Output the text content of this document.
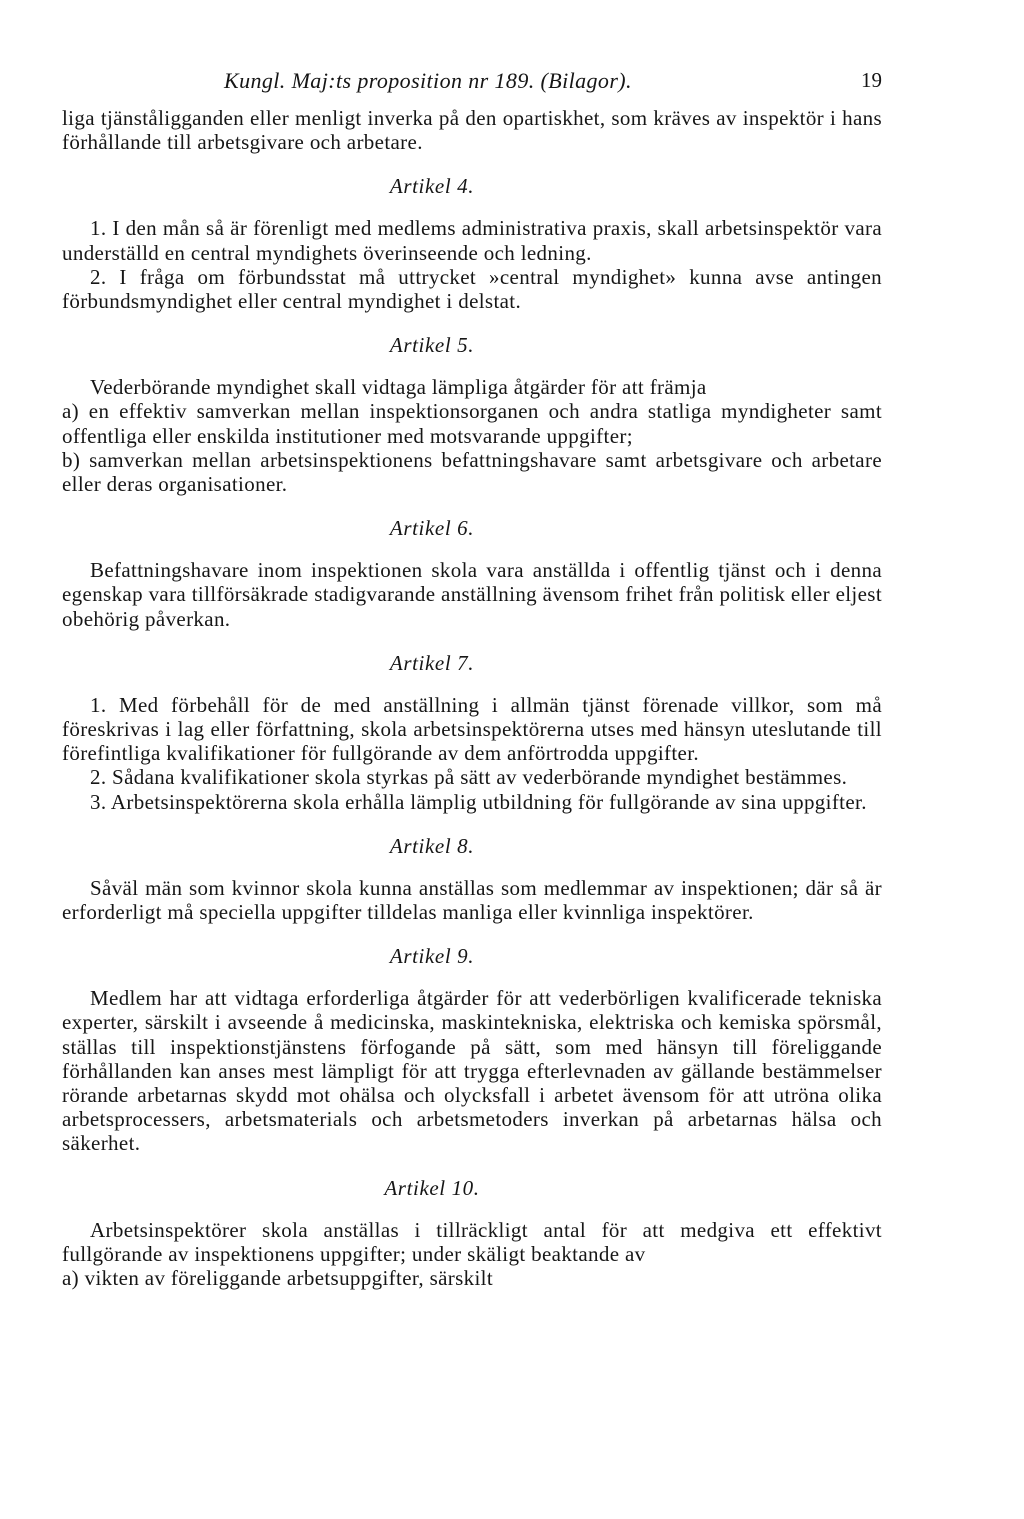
Kungl. Maj:ts proposition nr 189. (Bilagor).	19

liga tjänståligganden eller menligt inverka på den opartiskhet, som kräves av inspektör i hans förhållande till arbetsgivare och arbetare.

Artikel 4.

1. I den mån så är förenligt med medlems administrativa praxis, skall arbetsinspektör vara underställd en central myndighets överinseende och ledning.

2. I fråga om förbundsstat må uttrycket »central myndighet» kunna avse antingen förbundsmyndighet eller central myndighet i delstat.

Artikel 5.

Vederbörande myndighet skall vidtaga lämpliga åtgärder för att främja

a) en effektiv samverkan mellan inspektionsorganen och andra statliga myndigheter samt offentliga eller enskilda institutioner med motsvarande uppgifter;

b) samverkan mellan arbetsinspektionens befattningshavare samt arbetsgivare och arbetare eller deras organisationer.

Artikel 6.

Befattningshavare inom inspektionen skola vara anställda i offentlig tjänst och i denna egenskap vara tillförsäkrade stadigvarande anställning ävensom frihet från politisk eller eljest obehörig påverkan.

Artikel 7.

1. Med förbehåll för de med anställning i allmän tjänst förenade villkor, som må föreskrivas i lag eller författning, skola arbetsinspektörerna utses med hänsyn uteslutande till förefintliga kvalifikationer för fullgörande av dem anförtrodda uppgifter.

2. Sådana kvalifikationer skola styrkas på sätt av vederbörande myndighet bestämmes.

3. Arbetsinspektörerna skola erhålla lämplig utbildning för fullgörande av sina uppgifter.

Artikel 8.

Såväl män som kvinnor skola kunna anställas som medlemmar av inspektionen; där så är erforderligt må speciella uppgifter tilldelas manliga eller kvinnliga inspektörer.

Artikel 9.

Medlem har att vidtaga erforderliga åtgärder för att vederbörligen kvalificerade tekniska experter, särskilt i avseende å medicinska, maskintekniska, elektriska och kemiska spörsmål, ställas till inspektionstjänstens förfogande på sätt, som med hänsyn till föreliggande förhållanden kan anses mest lämpligt för att trygga efterlevnaden av gällande bestämmelser rörande arbetarnas skydd mot ohälsa och olycksfall i arbetet ävensom för att utröna olika arbetsprocessers, arbetsmaterials och arbetsmetoders inverkan på arbetarnas hälsa och säkerhet.

Artikel 10.

Arbetsinspektörer skola anställas i tillräckligt antal för att medgiva ett effektivt fullgörande av inspektionens uppgifter; under skäligt beaktande av

a) vikten av föreliggande arbetsuppgifter, särskilt
